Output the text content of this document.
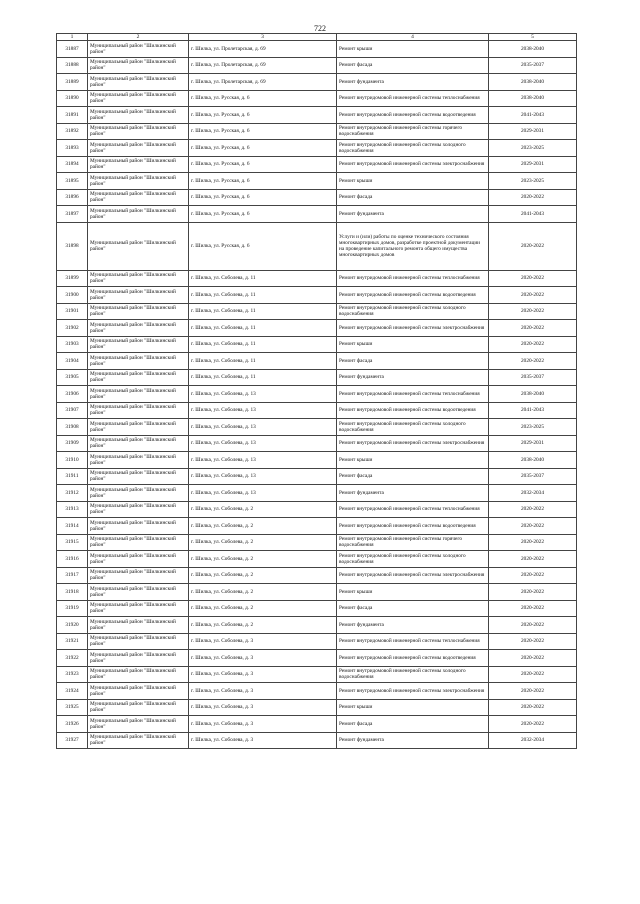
722
1	2	3	4	5
31887	Муниципальный район "Шилкинский район"	г. Шилка, ул. Пролетарская, д. 69	Ремонт крыши	2038-2040
31888	Муниципальный район "Шилкинский район"	г. Шилка, ул. Пролетарская, д. 69	Ремонт фасада	2035-2037
31889	Муниципальный район "Шилкинский район"	г. Шилка, ул. Пролетарская, д. 69	Ремонт фундамента	2038-2040
31890	Муниципальный район "Шилкинский район"	г. Шилка, ул. Русская, д. 6	Ремонт внутридомовой инженерной системы теплоснабжения	2038-2040
31891	Муниципальный район "Шилкинский район"	г. Шилка, ул. Русская, д. 6	Ремонт внутридомовой инженерной системы водоотведения	2041-2043
31892	Муниципальный район "Шилкинский район"	г. Шилка, ул. Русская, д. 6	Ремонт внутридомовой инженерной системы горячего водоснабжения	2029-2031
31893	Муниципальный район "Шилкинский район"	г. Шилка, ул. Русская, д. 6	Ремонт внутридомовой инженерной системы холодного водоснабжения	2023-2025
31894	Муниципальный район "Шилкинский район"	г. Шилка, ул. Русская, д. 6	Ремонт внутридомовой инженерной системы электроснабжения	2029-2031
31895	Муниципальный район "Шилкинский район"	г. Шилка, ул. Русская, д. 6	Ремонт крыши	2023-2025
31896	Муниципальный район "Шилкинский район"	г. Шилка, ул. Русская, д. 6	Ремонт фасада	2020-2022
31897	Муниципальный район "Шилкинский район"	г. Шилка, ул. Русская, д. 6	Ремонт фундамента	2041-2043
31898	Муниципальный район "Шилкинский район"	г. Шилка, ул. Русская, д. 6	Услуги и (или) работы по оценке технического состояния многоквартирных домов, разработке проектной документации на проведение капитального ремонта общего имущества многоквартирных домов	2020-2022
31899	Муниципальный район "Шилкинский район"	г. Шилка, ул. Соболева, д. 11	Ремонт внутридомовой инженерной системы теплоснабжения	2020-2022
31900	Муниципальный район "Шилкинский район"	г. Шилка, ул. Соболева, д. 11	Ремонт внутридомовой инженерной системы водоотведения	2020-2022
31901	Муниципальный район "Шилкинский район"	г. Шилка, ул. Соболева, д. 11	Ремонт внутридомовой инженерной системы холодного водоснабжения	2020-2022
31902	Муниципальный район "Шилкинский район"	г. Шилка, ул. Соболева, д. 11	Ремонт внутридомовой инженерной системы электроснабжения	2020-2022
31903	Муниципальный район "Шилкинский район"	г. Шилка, ул. Соболева, д. 11	Ремонт крыши	2020-2022
31904	Муниципальный район "Шилкинский район"	г. Шилка, ул. Соболева, д. 11	Ремонт фасада	2020-2022
31905	Муниципальный район "Шилкинский район"	г. Шилка, ул. Соболева, д. 11	Ремонт фундамента	2035-2037
31906	Муниципальный район "Шилкинский район"	г. Шилка, ул. Соболева, д. 13	Ремонт внутридомовой инженерной системы теплоснабжения	2038-2040
31907	Муниципальный район "Шилкинский район"	г. Шилка, ул. Соболева, д. 13	Ремонт внутридомовой инженерной системы водоотведения	2041-2043
31908	Муниципальный район "Шилкинский район"	г. Шилка, ул. Соболева, д. 13	Ремонт внутридомовой инженерной системы холодного водоснабжения	2023-2025
31909	Муниципальный район "Шилкинский район"	г. Шилка, ул. Соболева, д. 13	Ремонт внутридомовой инженерной системы электроснабжения	2029-2031
31910	Муниципальный район "Шилкинский район"	г. Шилка, ул. Соболева, д. 13	Ремонт крыши	2038-2040
31911	Муниципальный район "Шилкинский район"	г. Шилка, ул. Соболева, д. 13	Ремонт фасада	2035-2037
31912	Муниципальный район "Шилкинский район"	г. Шилка, ул. Соболева, д. 13	Ремонт фундамента	2032-2034
31913	Муниципальный район "Шилкинский район"	г. Шилка, ул. Соболева, д. 2	Ремонт внутридомовой инженерной системы теплоснабжения	2020-2022
31914	Муниципальный район "Шилкинский район"	г. Шилка, ул. Соболева, д. 2	Ремонт внутридомовой инженерной системы водоотведения	2020-2022
31915	Муниципальный район "Шилкинский район"	г. Шилка, ул. Соболева, д. 2	Ремонт внутридомовой инженерной системы горячего водоснабжения	2020-2022
31916	Муниципальный район "Шилкинский район"	г. Шилка, ул. Соболева, д. 2	Ремонт внутридомовой инженерной системы холодного водоснабжения	2020-2022
31917	Муниципальный район "Шилкинский район"	г. Шилка, ул. Соболева, д. 2	Ремонт внутридомовой инженерной системы электроснабжения	2020-2022
31918	Муниципальный район "Шилкинский район"	г. Шилка, ул. Соболева, д. 2	Ремонт крыши	2020-2022
31919	Муниципальный район "Шилкинский район"	г. Шилка, ул. Соболева, д. 2	Ремонт фасада	2020-2022
31920	Муниципальный район "Шилкинский район"	г. Шилка, ул. Соболева, д. 2	Ремонт фундамента	2020-2022
31921	Муниципальный район "Шилкинский район"	г. Шилка, ул. Соболева, д. 3	Ремонт внутридомовой инженерной системы теплоснабжения	2020-2022
31922	Муниципальный район "Шилкинский район"	г. Шилка, ул. Соболева, д. 3	Ремонт внутридомовой инженерной системы водоотведения	2020-2022
31923	Муниципальный район "Шилкинский район"	г. Шилка, ул. Соболева, д. 3	Ремонт внутридомовой инженерной системы холодного водоснабжения	2020-2022
31924	Муниципальный район "Шилкинский район"	г. Шилка, ул. Соболева, д. 3	Ремонт внутридомовой инженерной системы электроснабжения	2020-2022
31925	Муниципальный район "Шилкинский район"	г. Шилка, ул. Соболева, д. 3	Ремонт крыши	2020-2022
31926	Муниципальный район "Шилкинский район"	г. Шилка, ул. Соболева, д. 3	Ремонт фасада	2020-2022
31927	Муниципальный район "Шилкинский район"	г. Шилка, ул. Соболева, д. 3	Ремонт фундамента	2032-2034
